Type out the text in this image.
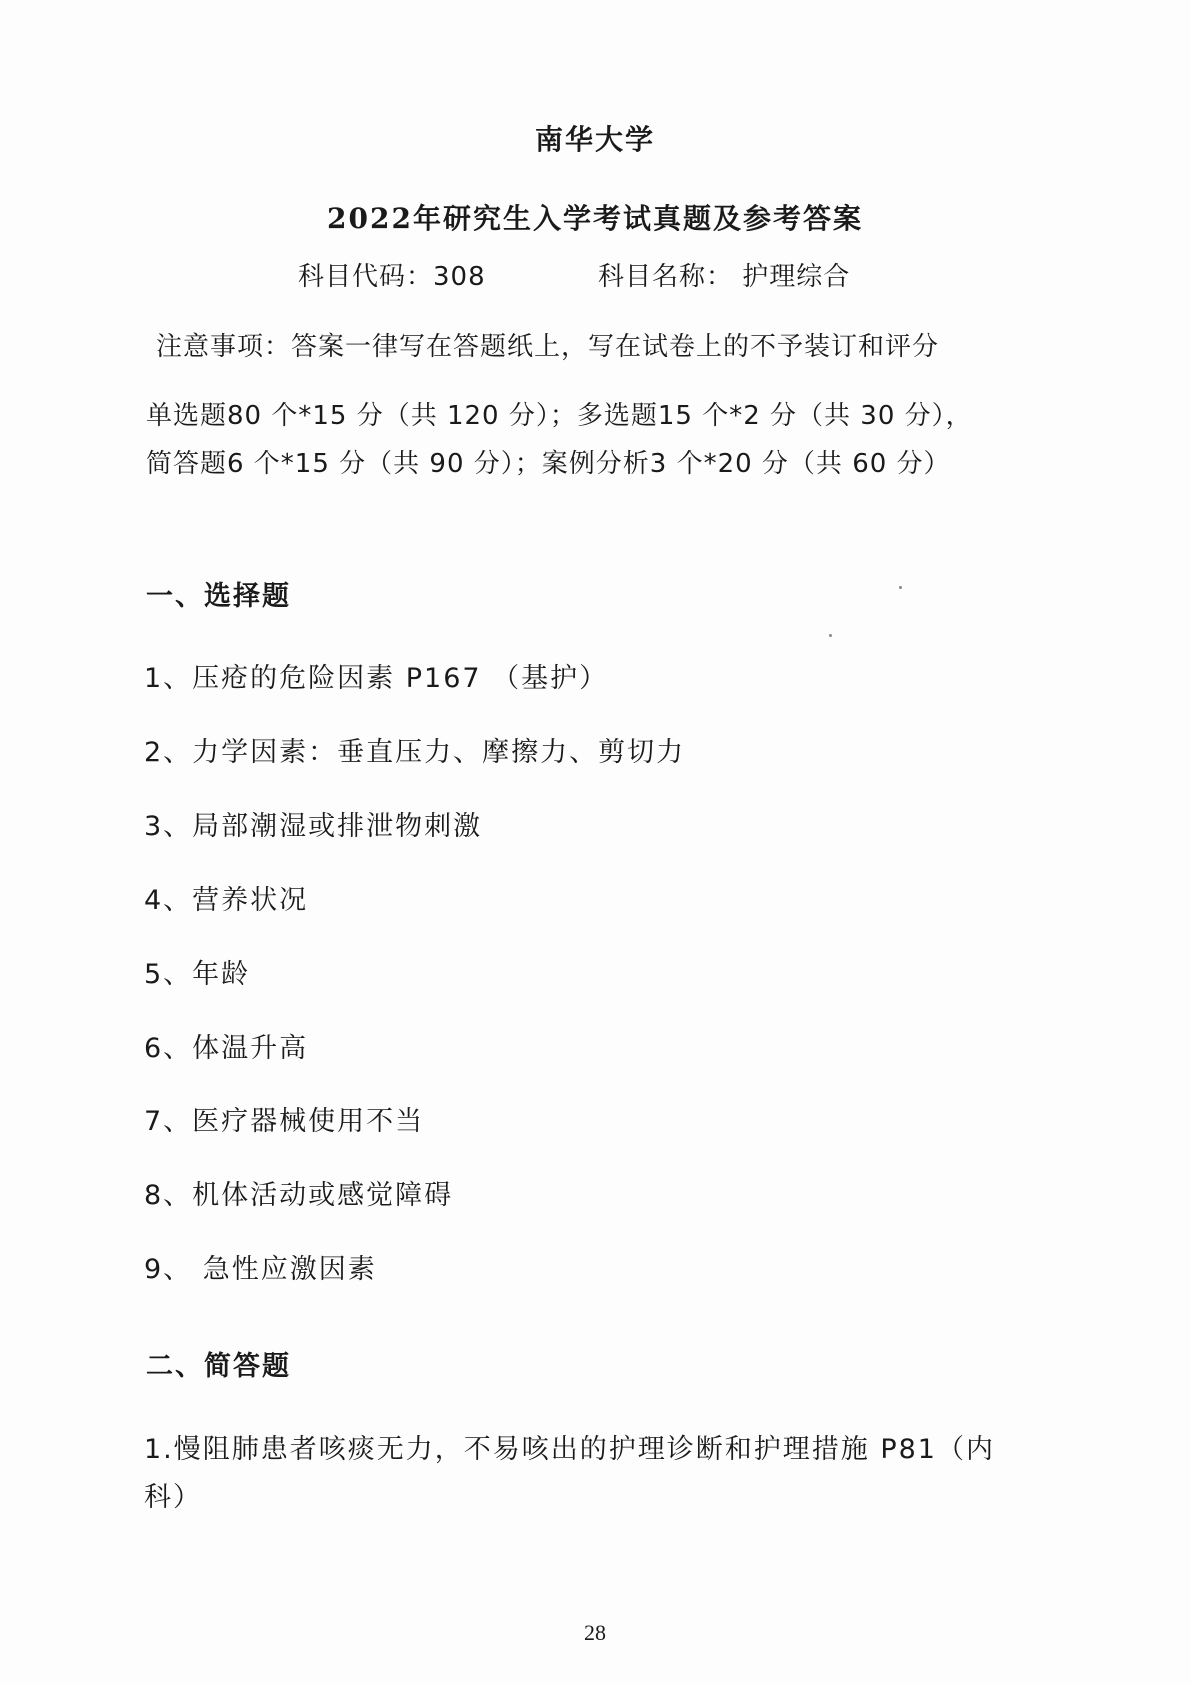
南华大学
2022年研究生入学考试真题及参考答案
科目代码：308	科目名称： 护理综合
注意事项：答案一律写在答题纸上，写在试卷上的不予装订和评分
单选题80 个*15 分（共 120 分）；多选题15 个*2 分（共 30 分），
简答题6 个*15 分（共 90 分）；案例分析3 个*20 分（共 60 分）
一、选择题
1、压疮的危险因素 P167 （基护）
2、力学因素：垂直压力、摩擦力、剪切力
3、局部潮湿或排泄物刺激
4、营养状况
5、年龄
6、体温升高
7、医疗器械使用不当
8、机体活动或感觉障碍
9、 急性应激因素
二、简答题
1.慢阻肺患者咳痰无力，不易咳出的护理诊断和护理措施 P81（内
科）
28
